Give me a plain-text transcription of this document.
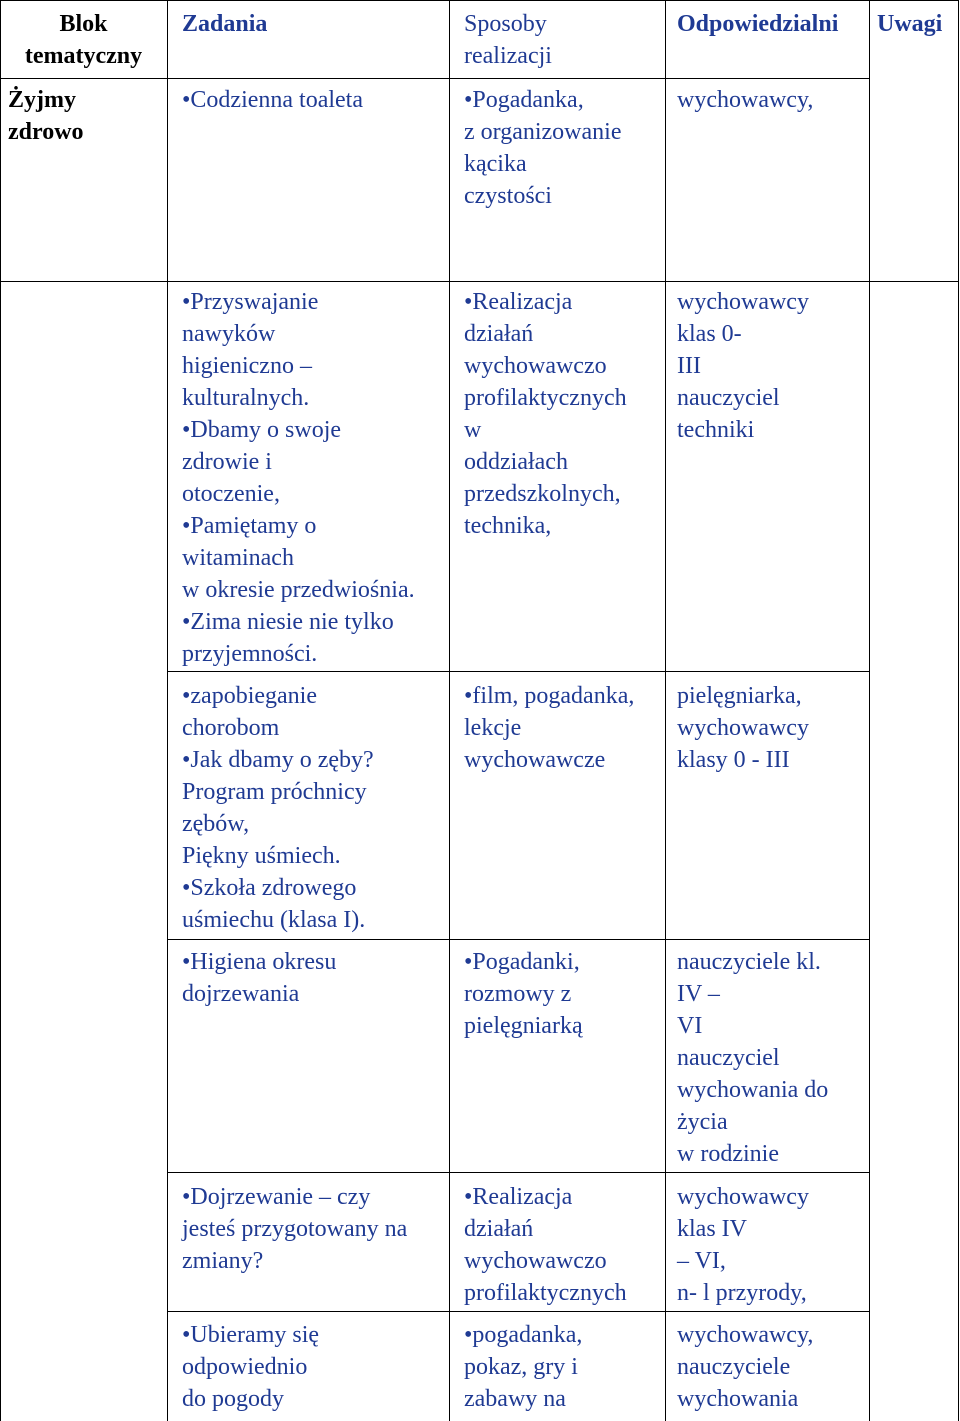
Blok
tematyczny
Zadania	Sposoby
realizacji
Odpowiedzialni Uwagi
Żyjmy
zdrowo
• Codzienna toaleta
•	Pogadanka,
z organizowanie
kącika
czystości
wychowawcy,
• Przyswajanie
nawyków
higieniczno –
kulturalnych.
• Dbamy o swoje
zdrowie i
otoczenie,
• Pamiętamy o
witaminach
w okresie przedwiośnia.
• Zima niesie nie tylko
przyjemności.
• Realizacja
działań
wychowawczo
profilaktycznych
w
oddziałach
przedszkolnych,
technika,
wychowawcy
klas 0-
III
nauczyciel
techniki
• zapobieganie
chorobom
• Jak dbamy o zęby?
Program próchnicy
zębów,
Piękny uśmiech.
• Szkoła zdrowego
uśmiechu (klasa I).
• film, pogadanka,
lekcje
wychowawcze
pielęgniarka,
wychowawcy
klasy 0 - III
• Higiena okresu
dojrzewania
• Pogadanki,
rozmowy z
pielęgniarką
nauczyciele kl.
IV –
VI
nauczyciel
wychowania do
życia
w rodzinie
• Dojrzewanie – czy
jesteś przygotowany na
zmiany?
• Realizacja
działań
wychowawczo
profilaktycznych
wychowawcy
klas IV
– VI,
n- l przyrody,
• Ubieramy się
odpowiednio
do pogody
• pogadanka,
pokaz, gry i
zabawy na
wychowawcy,
nauczyciele
wychowania
